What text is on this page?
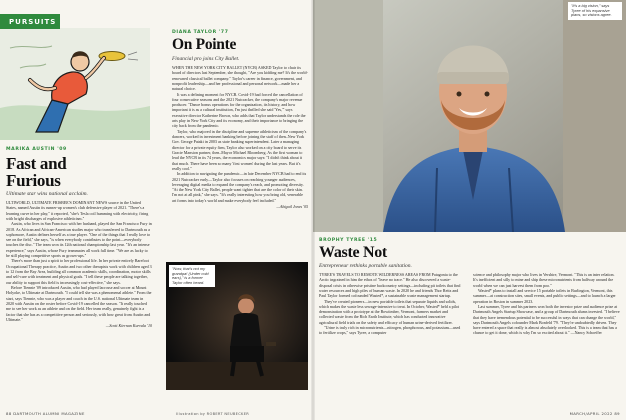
PURSUITS
MARIKA AUSTIN '09
Fast and
Furious
Ultimate star wins national acclaim.

ULTIWORLD, ULTIMATE FRISBEE'S DOMINANT NEWS source in the United States, named Austin its runner-up women's club defensive player of 2021. "There's a learning curve in her play," it reported, "she's Tesla coil humming with electricity, firing with bright discharges of explosive athleticism."

Austin, who lives in San Francisco with her husband, played the San Francisco Fury in 2018. As African and African-American studies major who transferred to Dartmouth as a sophomore, Austin defines herself as a true player. "One of the things that I really love to see on the field," she says, "is when everybody contributes to the point—everybody touches the disc." The team won its 12th national championship last year. "It's an intense experience," says Austin, whose Fury teammates all work full time. "We are as lucky to be still playing competitive sports as grown-ups."

There's more than just a spirit to her professional life. In her private entirely Barefoot Occupational Therapy practice, Austin and two other therapists work with children aged 3 to 12 from the Bay Area, building all common academic skills, coordination, motor skills and self-care with treatment and physical goals. "I tell these people are talking together, our ability to support this field is increasingly cost-effective," she says.

Before Tiennie '09 introduced Austin, who had played lacrosse and soccer at Mount Holyoke, to Ultimate at Dartmouth. "I could tell she was a phenomenal athlete." From the start, says Tiennie, who was a player and coach in the U.S. national Ultimate team in 2020 with Austin on the roster before Covid-19 cancelled the season. "It really touched me to see her work as an athlete and on the field. Her team really, genuinely fight is a factor that she has as a competitive person and seriously, with how great from Austin and Ultimate."

—Scott Kiernan Kurvala '10

DIANA TAYLOR '77
On Pointe
Financial pro joins City Ballet.

WHEN THE NEW YORK CITY BALLET (NYCB) ASKED Taylor to chair its board of directors last September, she thought, "Are you kidding me? It's the world-renowned classical ballet company." Taylor's career in finance, government, and nonprofit leadership—and her professional and personal network—made her a natural choice.

It was a defining moment for NYCB. Covid-19 had forced the cancellation of four consecutive seasons and the 2021 Nutcracker, the company's major revenue producer. "Dance bonus operations for the organization, its history, and how important it is as a cultural institution, I'm just thrilled she said 'Yes,'" says executive director Katherine Brown, who adds that Taylor understands the role the arts play in New York City and its economy, and their importance to bringing the city back from the pandemic.

Taylor, who majored in the discipline and supreme athleticism of the company's dancers, worked in investment banking before joining the staff of then–New York Gov. George Pataki in 2003 as state banking superintendent. Later a managing director for a private equity firm, Taylor also worked on a city board to serve its Gracie Mansion partner, then–Mayor Michael Bloomberg. As the first woman to lead the NYCB in its 74 years, the economics major says: "I didn't think about it that much. There have been so many 'first women' during the last years. But it's really cool."

In addition to navigating the pandemic—in late December NYCB had to end its 2021 Nutcracker early—Taylor also focuses on reaching younger audiences, leveraging digital media to expand the company's reach, and promoting diversity. "At the New York City Ballet, people want tighter that are the color of their skin. I'm not at all pink," she says. "It's really interesting how you bring old, venerable art forms into today's world and make everybody feel included."

—Abigail Jones '05

"Now, that's not my grandpa! (Under cold ears)," is a former Taylor often heard.
88 DARTMOUTH ALUMNI MAGAZINE	Illustration by ROBERT NEUBECKER
"It's a big vision," says Tyree of his expansive plans, so visions agree.
BROPHY TYREE '15
Waste Not
Entrepreneur rethinks portable sanitation.

TYREE'S TRAVELS TO REMOTE WILDERNESS AREAS FROM Patagonia to the Arctic ingrained in him the ethos of "leave no trace." He also discovered a waste-disposal crisis in otherwise pristine backcountry settings—including pit toilets that find water resources and high piles of human waste. In 2020 he and friends Thor Reitz and Paul Taylor formed cofounded Wasted*, a sustainable waste management startup.

They've created pioneers—in new portable toilets that separate liquids and solids, which makes the waste less sewage-intensive to treat. In October, Wasted* held a pilot demonstration with a prototype at the Bowtimber, Vermont, farmers market and collected waste from the Rich Earth Institute, which has conducted innovative agricultural field trials on the safety and efficacy of human urine-derived fertilizer.

"Urine is truly rich in micronutrients—nitrogen, phosphorous, and potassium—used to fertilize crops," says Tyree, a computer

science and philosophy major who lives in Vershire, Vermont. "This is an inter relation. It's inefficient and silly to mine and ship these micronutrients from halfway around the world when we can just harvest them from poo."

Wasted* plans to install and service 15 portable toilets in Burlington, Vermont, this summer—at construction sites, small events, and public settings—and to launch a larger operation in Boston in summer 2023.

Last summer, Tyree and his partners won both the investor prize and audience prize at Dartmouth Angels Startup Showcase, and a group of Dartmouth alums invested. "I believe that they have tremendous potential to be successful in ways that can change the world," says Dartmouth Angels cofounder Mark Bonfeld '79. "They're undoubtedly driven. They have entered a space that really is almost absolutely overlooked. This is a team that has a chance to get it done, which is why I'm so excited about it." —Nancy Schoeffer

MARCH/APRIL 2022 89
